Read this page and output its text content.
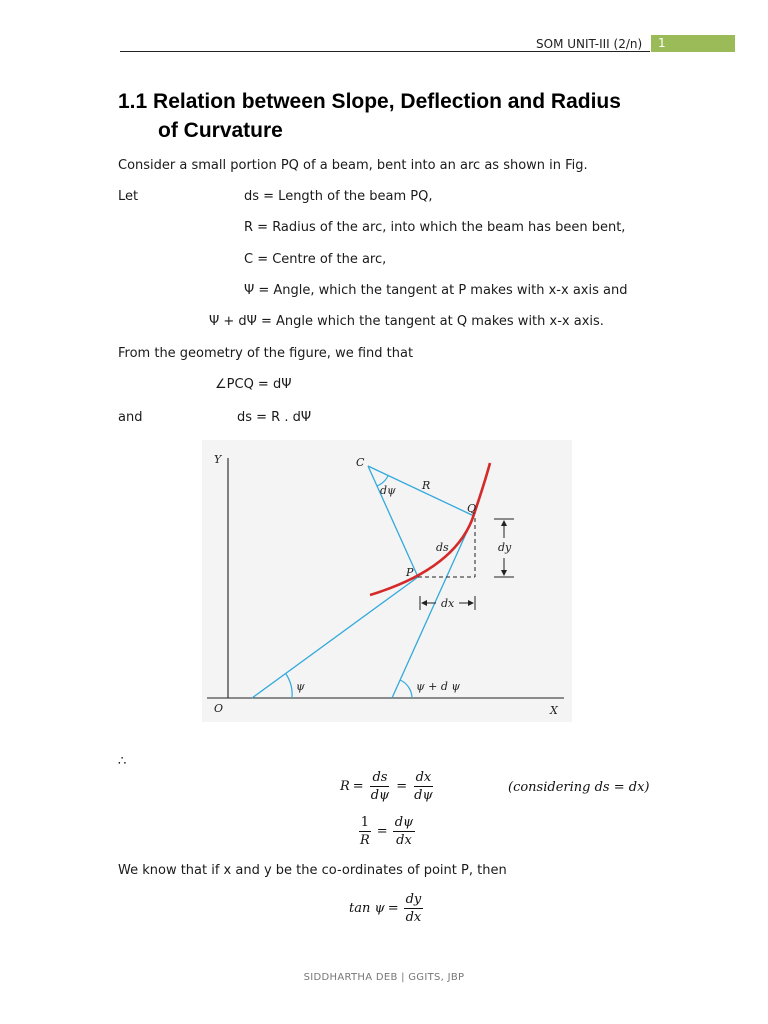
SOM UNIT-III (2/n)	1
1.1 Relation between Slope, Deflection and Radius
of Curvature
Consider a small portion PQ of a beam, bent into an arc as shown in Fig.
Let	ds = Length of the beam PQ,
R = Radius of the arc, into which the beam has been bent,
C = Centre of the arc,
Ψ = Angle, which the tangent at P makes with x-x axis and
Ψ + dΨ = Angle which the tangent at Q makes with x-x axis.
From the geometry of the figure, we find that
∠PCQ = dΨ
and	ds = R . dΨ
Y
X
O
C
R
dψ
Q
P
ds	dy
dx
ψ	ψ + d ψ
∴
$R = \frac{ds}{d\psi} = \frac{dx}{d\psi}$	(considering ds = dx)
$\frac{1}{R} = \frac{d\psi}{dx}$
We know that if x and y be the co-ordinates of point P, then
$\tan \psi = \frac{dy}{dx}$
SIDDHARTHA DEB | GGITS, JBP
